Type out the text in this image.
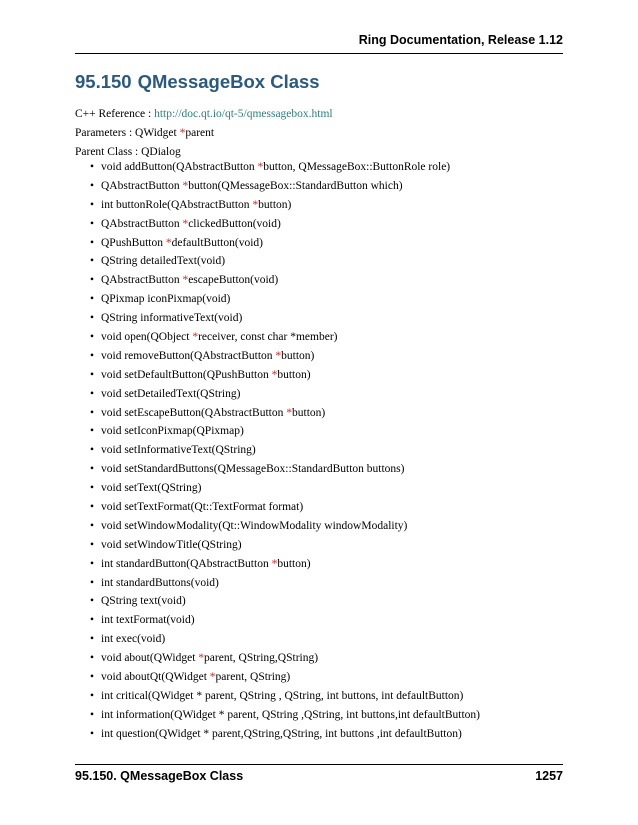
Ring Documentation, Release 1.12
95.150 QMessageBox Class
C++ Reference : http://doc.qt.io/qt-5/qmessagebox.html
Parameters : QWidget *parent
Parent Class : QDialog
• void addButton(QAbstractButton *button, QMessageBox::ButtonRole role)
• QAbstractButton *button(QMessageBox::StandardButton which)
• int buttonRole(QAbstractButton *button)
• QAbstractButton *clickedButton(void)
• QPushButton *defaultButton(void)
• QString detailedText(void)
• QAbstractButton *escapeButton(void)
• QPixmap iconPixmap(void)
• QString informativeText(void)
• void open(QObject *receiver, const char *member)
• void removeButton(QAbstractButton *button)
• void setDefaultButton(QPushButton *button)
• void setDetailedText(QString)
• void setEscapeButton(QAbstractButton *button)
• void setIconPixmap(QPixmap)
• void setInformativeText(QString)
• void setStandardButtons(QMessageBox::StandardButton buttons)
• void setText(QString)
• void setTextFormat(Qt::TextFormat format)
• void setWindowModality(Qt::WindowModality windowModality)
• void setWindowTitle(QString)
• int standardButton(QAbstractButton *button)
• int standardButtons(void)
• QString text(void)
• int textFormat(void)
• int exec(void)
• void about(QWidget *parent, QString,QString)
• void aboutQt(QWidget *parent, QString)
• int critical(QWidget * parent, QString , QString, int buttons, int defaultButton)
• int information(QWidget * parent, QString ,QString, int buttons,int defaultButton)
• int question(QWidget * parent,QString,QString, int buttons ,int defaultButton)
95.150. QMessageBox Class	1257
